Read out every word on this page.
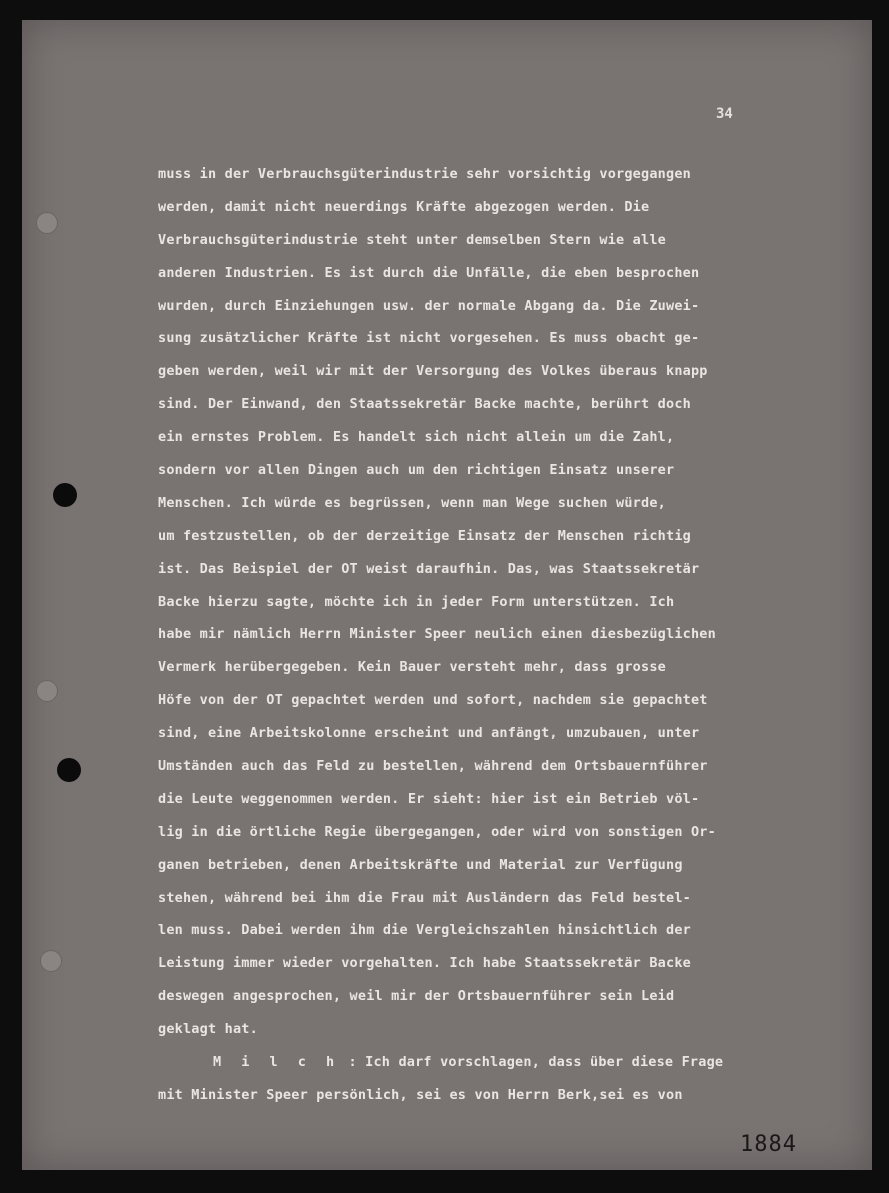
34
muss in der Verbrauchsgüterindustrie sehr vorsichtig vorgegangen
werden, damit nicht neuerdings Kräfte abgezogen werden. Die
Verbrauchsgüterindustrie steht unter demselben Stern wie alle
anderen Industrien. Es ist durch die Unfälle, die eben besprochen
wurden, durch Einziehungen usw. der normale Abgang da. Die Zuwei-
sung zusätzlicher Kräfte ist nicht vorgesehen. Es muss obacht ge-
geben werden, weil wir mit der Versorgung des Volkes überaus knapp
sind. Der Einwand, den Staatssekretär Backe machte, berührt doch
ein ernstes Problem. Es handelt sich nicht allein um die Zahl,
sondern vor allen Dingen auch um den richtigen Einsatz unserer
Menschen. Ich würde es begrüssen, wenn man Wege suchen würde,
um festzustellen, ob der derzeitige Einsatz der Menschen richtig
ist. Das Beispiel der OT weist daraufhin. Das, was Staatssekretär
Backe hierzu sagte, möchte ich in jeder Form unterstützen. Ich
habe mir nämlich Herrn Minister Speer neulich einen diesbezüglichen
Vermerk herübergegeben. Kein Bauer versteht mehr, dass grosse
Höfe von der OT gepachtet werden und sofort, nachdem sie gepachtet
sind, eine Arbeitskolonne erscheint und anfängt, umzubauen, unter
Umständen auch das Feld zu bestellen, während dem Ortsbauernführer
die Leute weggenommen werden. Er sieht: hier ist ein Betrieb völ-
lig in die örtliche Regie übergegangen, oder wird von sonstigen Or-
ganen betrieben, denen Arbeitskräfte und Material zur Verfügung
stehen, während bei ihm die Frau mit Ausländern das Feld bestel-
len muss. Dabei werden ihm die Vergleichszahlen hinsichtlich der
Leistung immer wieder vorgehalten. Ich habe Staatssekretär Backe
deswegen angesprochen, weil mir der Ortsbauernführer sein Leid
geklagt hat.
M i l c h : Ich darf vorschlagen, dass über diese Frage
mit Minister Speer persönlich, sei es von Herrn Berk,sei es von
1884
